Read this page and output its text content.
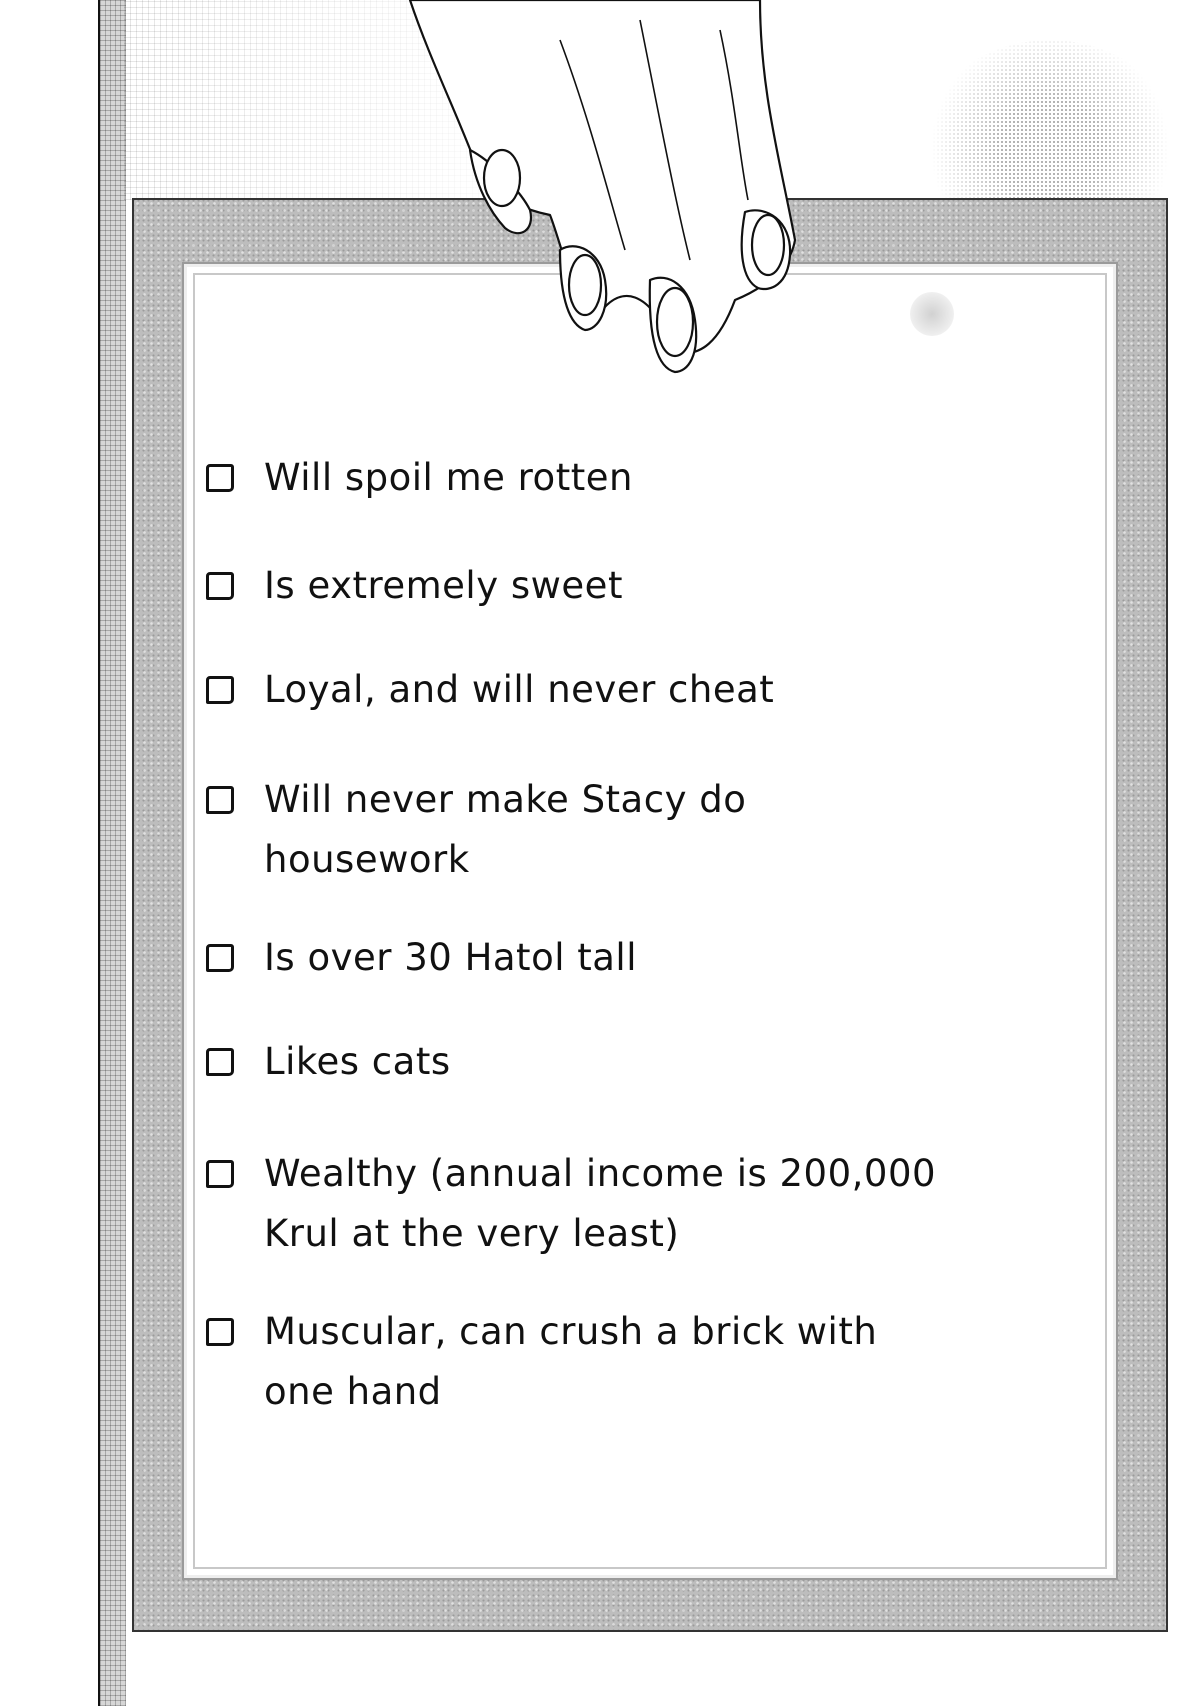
Will spoil me rotten
Is extremely sweet
Loyal, and will never cheat
Will never make Stacy do housework
Is over 30 Hatol tall
Likes cats
Wealthy (annual income is 200,000 Krul at the very least)
Muscular, can crush a brick with one hand
